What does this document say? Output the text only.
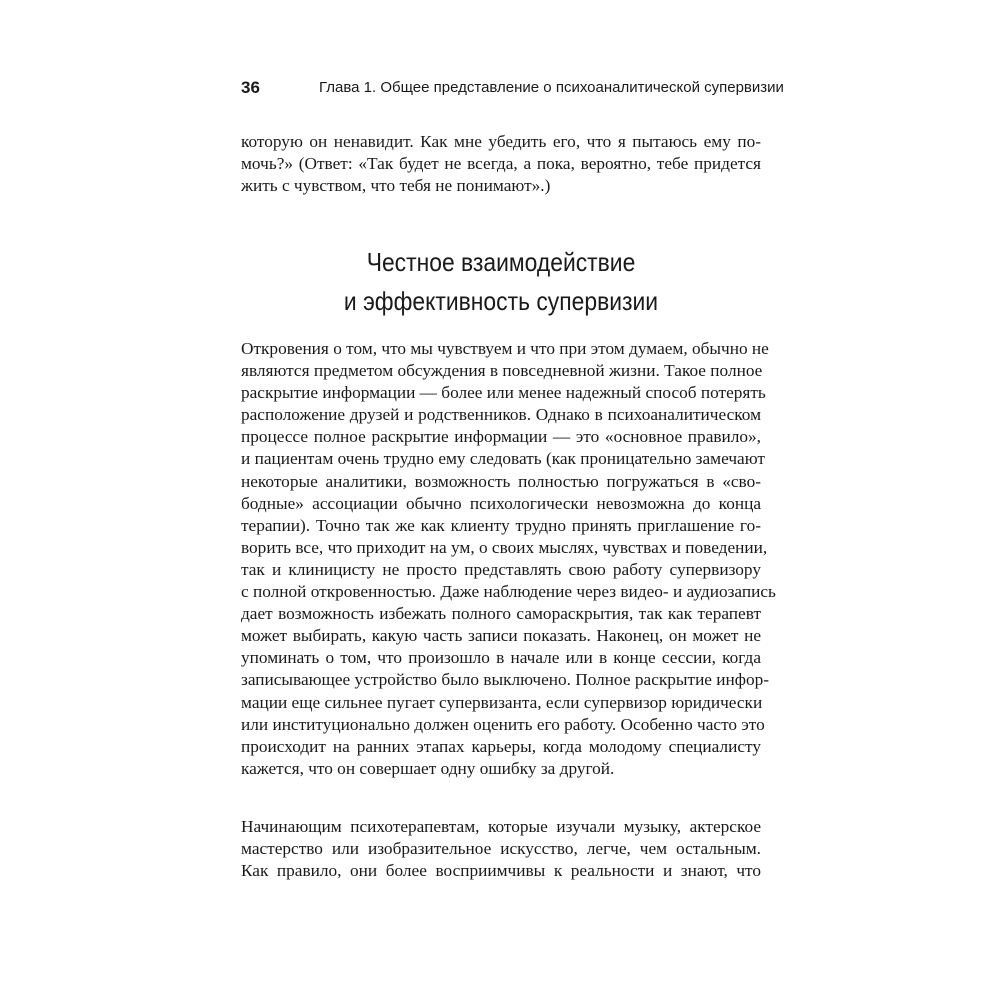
36	Глава 1. Общее представление о психоаналитической супервизии
которую он ненавидит. Как мне убедить его, что я пытаюсь ему по-
мочь?» (Ответ: «Так будет не всегда, а пока, вероятно, тебе придется
жить с чувством, что тебя не понимают».)
Честное взаимодействие
и эффективность супервизии
Откровения о том, что мы чувствуем и что при этом думаем, обычно не
являются предметом обсуждения в повседневной жизни. Такое полное
раскрытие информации — более или менее надежный способ потерять
расположение друзей и родственников. Однако в психоаналитическом
процессе полное раскрытие информации — это «основное правило»,
и пациентам очень трудно ему следовать (как проницательно замечают
некоторые аналитики, возможность полностью погружаться в «сво-
бодные» ассоциации обычно психологически невозможна до конца
терапии). Точно так же как клиенту трудно принять приглашение го-
ворить все, что приходит на ум, о своих мыслях, чувствах и поведении,
так и клиницисту не просто представлять свою работу супервизору
с полной откровенностью. Даже наблюдение через видео- и аудиозапись
дает возможность избежать полного самораскрытия, так как терапевт
может выбирать, какую часть записи показать. Наконец, он может не
упоминать о том, что произошло в начале или в конце сессии, когда
записывающее устройство было выключено. Полное раскрытие инфор-
мации еще сильнее пугает супервизанта, если супервизор юридически
или институционально должен оценить его работу. Особенно часто это
происходит на ранних этапах карьеры, когда молодому специалисту
кажется, что он совершает одну ошибку за другой.
Начинающим психотерапевтам, которые изучали музыку, актерское
мастерство или изобразительное искусство, легче, чем остальным.
Как правило, они более восприимчивы к реальности и знают, что
